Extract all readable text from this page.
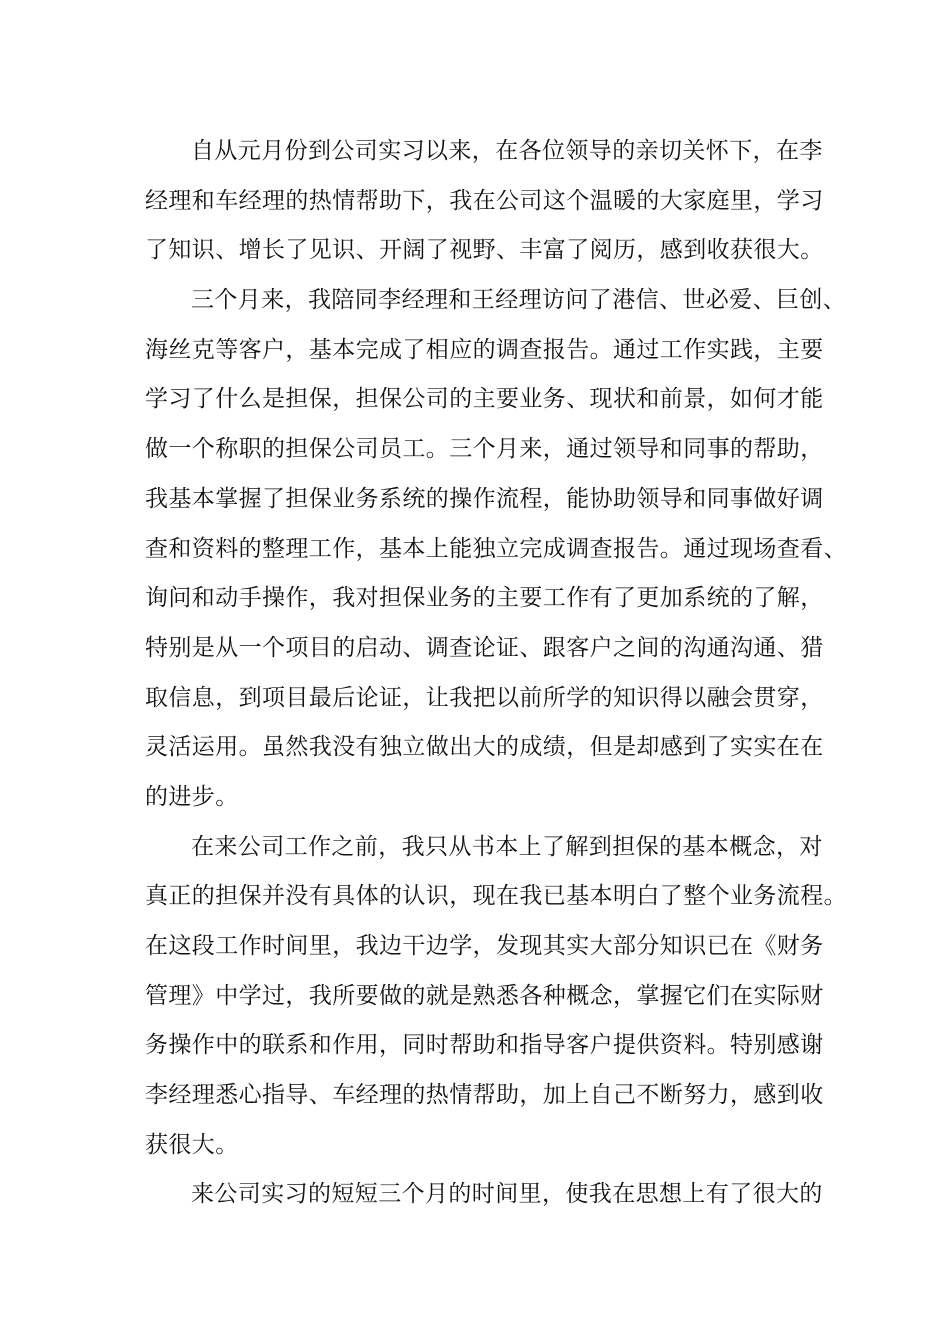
自从元月份到公司实习以来，在各位领导的亲切关怀下，在李
经理和车经理的热情帮助下，我在公司这个温暖的大家庭里，学习
了知识、增长了见识、开阔了视野、丰富了阅历，感到收获很大。

三个月来，我陪同李经理和王经理访问了港信、世必爱、巨创、
海丝克等客户，基本完成了相应的调查报告。通过工作实践，主要
学习了什么是担保，担保公司的主要业务、现状和前景，如何才能
做一个称职的担保公司员工。三个月来，通过领导和同事的帮助，
我基本掌握了担保业务系统的操作流程，能协助领导和同事做好调
查和资料的整理工作，基本上能独立完成调查报告。通过现场查看、
询问和动手操作，我对担保业务的主要工作有了更加系统的了解，
特别是从一个项目的启动、调查论证、跟客户之间的沟通沟通、猎
取信息，到项目最后论证，让我把以前所学的知识得以融会贯穿，
灵活运用。虽然我没有独立做出大的成绩，但是却感到了实实在在
的进步。

在来公司工作之前，我只从书本上了解到担保的基本概念，对
真正的担保并没有具体的认识，现在我已基本明白了整个业务流程。
在这段工作时间里，我边干边学，发现其实大部分知识已在《财务
管理》中学过，我所要做的就是熟悉各种概念，掌握它们在实际财
务操作中的联系和作用，同时帮助和指导客户提供资料。特别感谢
李经理悉心指导、车经理的热情帮助，加上自己不断努力，感到收
获很大。

来公司实习的短短三个月的时间里，使我在思想上有了很大的
